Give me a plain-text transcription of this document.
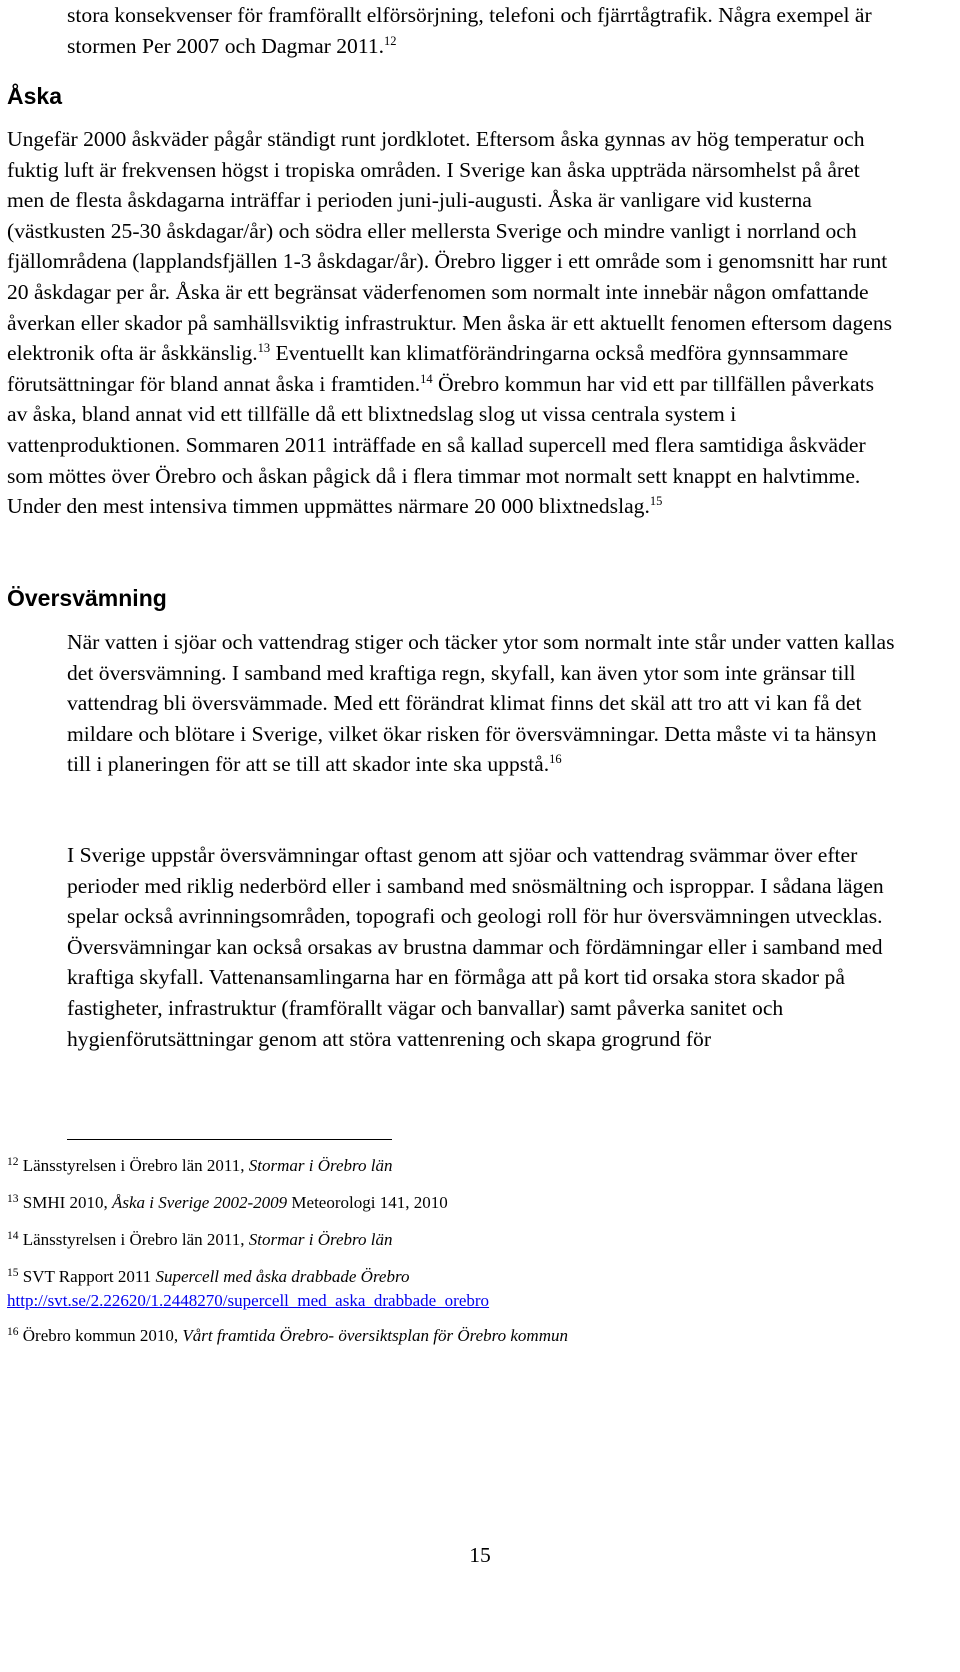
stora konsekvenser för framförallt elförsörjning, telefoni och fjärrtågtrafik. Några exempel är stormen Per 2007 och Dagmar 2011.12

Åska

Ungefär 2000 åskväder pågår ständigt runt jordklotet. Eftersom åska gynnas av hög temperatur och fuktig luft är frekvensen högst i tropiska områden. I Sverige kan åska uppträda närsomhelst på året men de flesta åskdagarna inträffar i perioden juni-juli-augusti. Åska är vanligare vid kusterna (västkusten 25-30 åskdagar/år) och södra eller mellersta Sverige och mindre vanligt i norrland och fjällområdena (lapplandsfjällen 1-3 åskdagar/år). Örebro ligger i ett område som i genomsnitt har runt 20 åskdagar per år. Åska är ett begränsat väderfenomen som normalt inte innebär någon omfattande åverkan eller skador på samhällsviktig infrastruktur. Men åska är ett aktuellt fenomen eftersom dagens elektronik ofta är åskkänslig.$^{13}$ Eventuellt kan klimatförändringarna också medföra gynnsammare förutsättningar för bland annat åska i framtiden.$^{14}$ Örebro kommun har vid ett par tillfällen påverkats av åska, bland annat vid ett tillfälle då ett blixtnedslag slog ut vissa centrala system i vattenproduktionen. Sommaren 2011 inträffade en så kallad supercell med flera samtidiga åskväder som möttes över Örebro och åskan pågick då i flera timmar mot normalt sett knappt en halvtimme. Under den mest intensiva timmen uppmättes närmare 20 000 blixtnedslag.$^{15}$

Översvämning

När vatten i sjöar och vattendrag stiger och täcker ytor som normalt inte står under vatten kallas det översvämning. I samband med kraftiga regn, skyfall, kan även ytor som inte gränsar till vattendrag bli översvämmade. Med ett förändrat klimat finns det skäl att tro att vi kan få det mildare och blötare i Sverige, vilket ökar risken för översvämningar. Detta måste vi ta hänsyn till i planeringen för att se till att skador inte ska uppstå.$^{16}$

I Sverige uppstår översvämningar oftast genom att sjöar och vattendrag svämmar över efter perioder med riklig nederbörd eller i samband med snösmältning och isproppar. I sådana lägen spelar också avrinningsområden, topografi och geologi roll för hur översvämningen utvecklas. Översvämningar kan också orsakas av brustna dammar och fördämningar eller i samband med kraftiga skyfall. Vattenansamlingarna har en förmåga att på kort tid orsaka stora skador på fastigheter, infrastruktur (framförallt vägar och banvallar) samt påverka sanitet och hygienförutsättningar genom att störa vattenrening och skapa grogrund för

$^{12}$ Länsstyrelsen i Örebro län 2011, Stormar i Örebro län
$^{13}$ SMHI 2010, Åska i Sverige 2002-2009 Meteorologi 141, 2010
$^{14}$ Länsstyrelsen i Örebro län 2011, Stormar i Örebro län
$^{15}$ SVT Rapport 2011 Supercell med åska drabbade Örebro
http://svt.se/2.22620/1.2448270/supercell_med_aska_drabbade_orebro
$^{16}$ Örebro kommun 2010, Vårt framtida Örebro- översiktsplan för Örebro kommun
15
